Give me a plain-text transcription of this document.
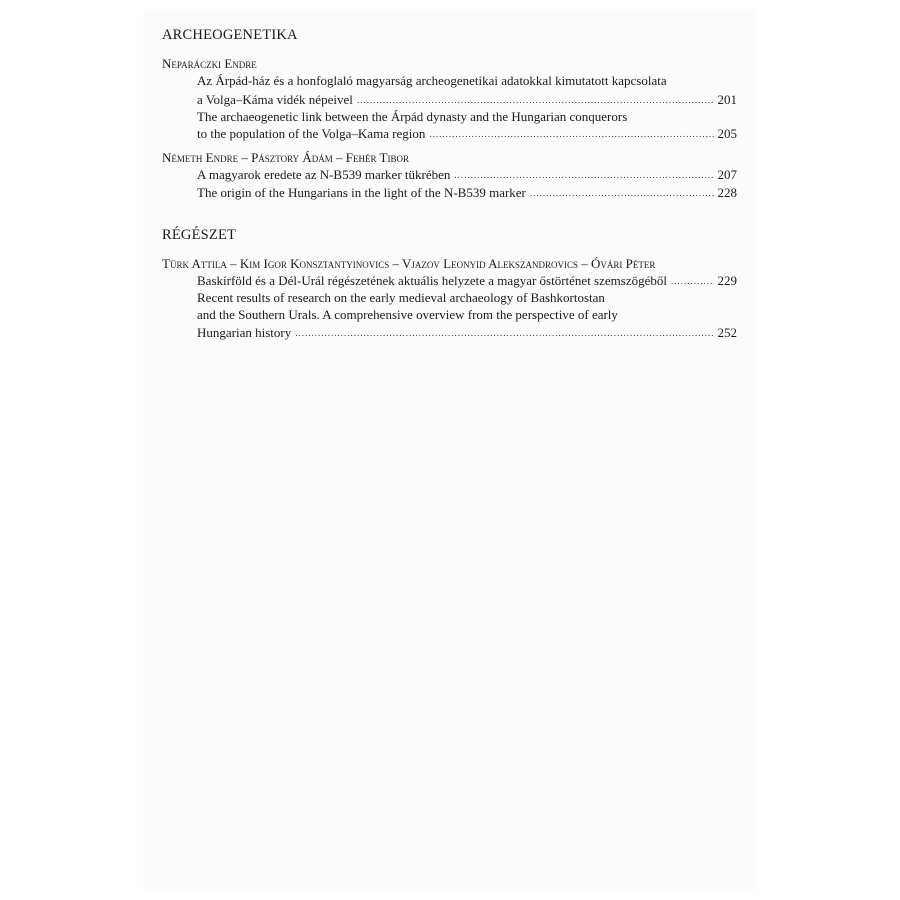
ARCHEOGENETIKA
Neparáczki Endre
Az Árpád-ház és a honfoglaló magyarság archeogenetikai adatokkal kimutatott kapcsolata
a Volga–Káma vidék népeivel .....	201
The archaeogenetic link between the Árpád dynasty and the Hungarian conquerors
to the population of the Volga–Kama region .....	205
Németh Endre – Pásztory Ádám – Fehér Tibor
A magyarok eredete az N-B539 marker tükrében .....	207
The origin of the Hungarians in the light of the N-B539 marker .....	228
RÉGÉSZET
Türk Attila – Kim Igor Konsztantyinovics – Vjazov Leonyid Alekszandrovics – Óvári Péter
Baskírföld és a Dél-Urál régészetének aktuális helyzete a magyar őstörténet szemszögéből .....	229
Recent results of research on the early medieval archaeology of Bashkortostan
and the Southern Urals. A comprehensive overview from the perspective of early
Hungarian history .....	252
